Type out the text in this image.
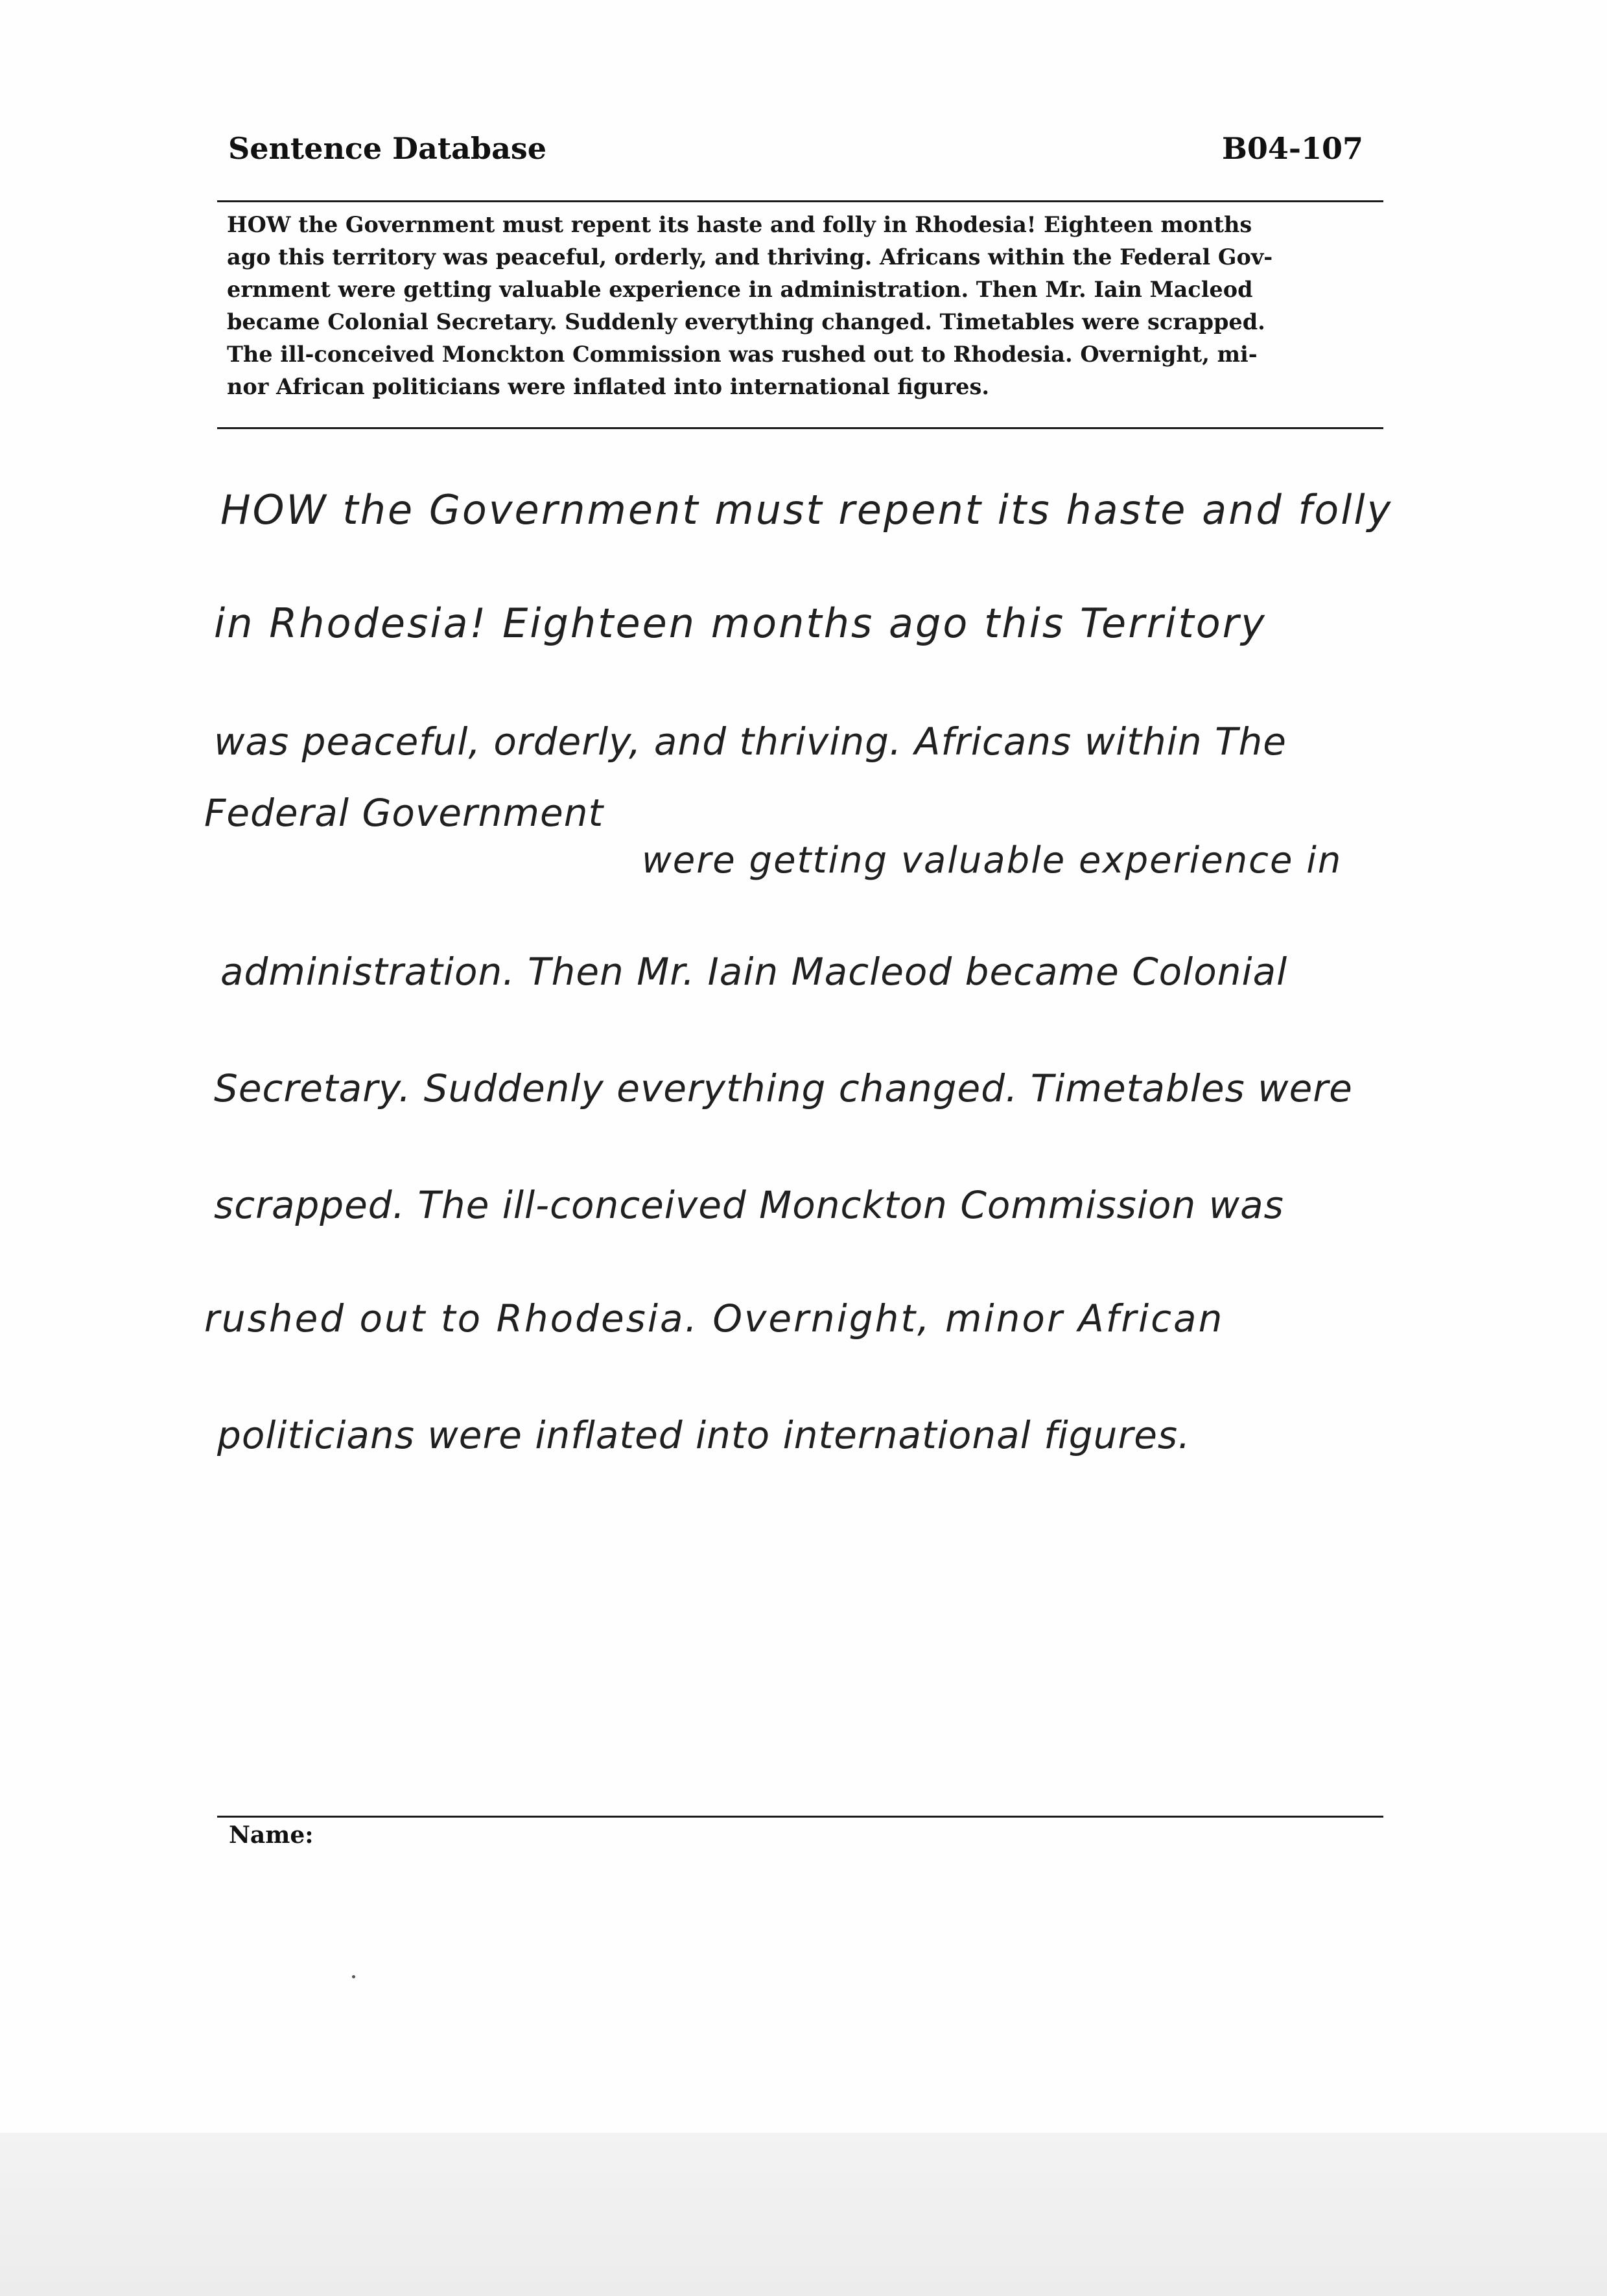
Sentence Database	B04-107
HOW the Government must repent its haste and folly in Rhodesia! Eighteen months
ago this territory was peaceful, orderly, and thriving. Africans within the Federal Gov-
ernment were getting valuable experience in administration. Then Mr. Iain Macleod
became Colonial Secretary. Suddenly everything changed. Timetables were scrapped.
The ill-conceived Monckton Commission was rushed out to Rhodesia. Overnight, mi-
nor African politicians were inflated into international figures.
HOW the Government must repent its haste and folly
in Rhodesia! Eighteen months ago this Territory
was peaceful, orderly, and thriving. Africans within The
Federal Government
were getting valuable experience in
administration. Then Mr. Iain Macleod became Colonial
Secretary. Suddenly everything changed. Timetables were
scrapped. The ill-conceived Monckton Commission was
rushed out to Rhodesia. Overnight, minor African
politicians were inflated into international figures.
Name:
